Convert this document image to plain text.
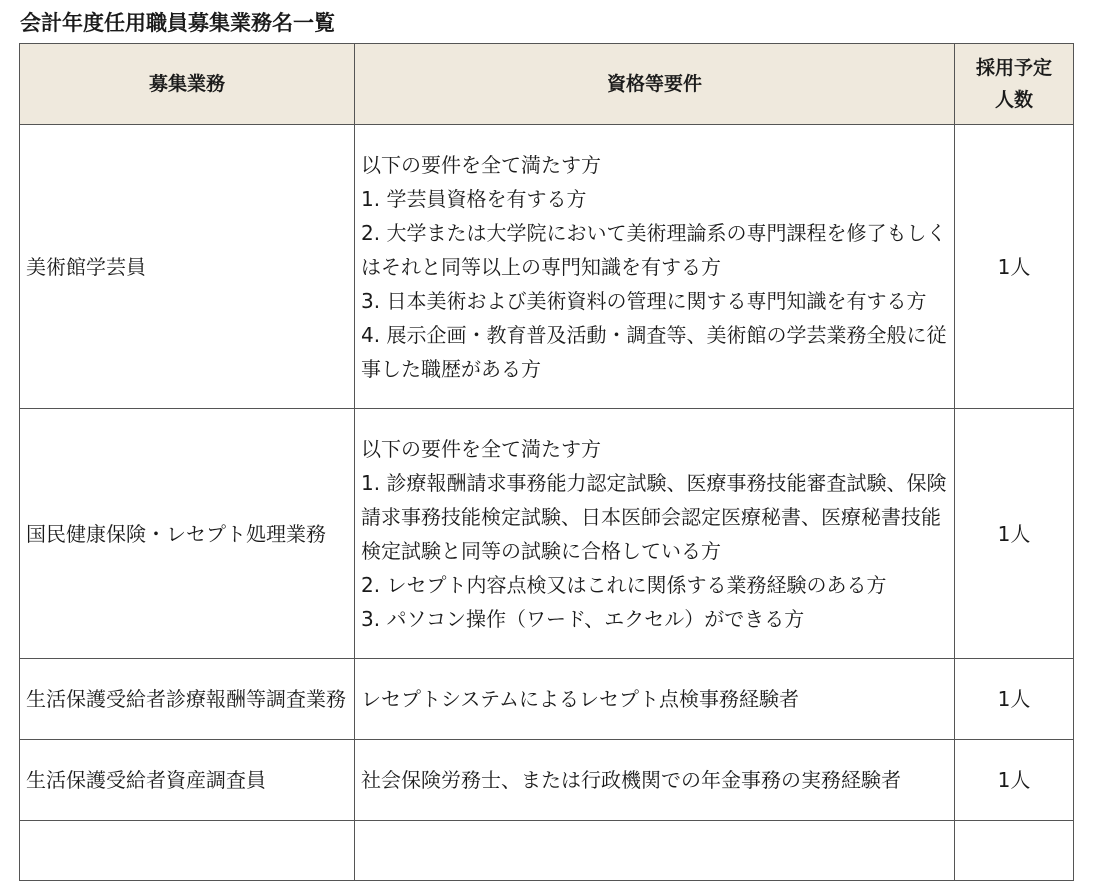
会計年度任用職員募集業務名一覧
募集業務	資格等要件	採用予定
人数

美術館学芸員	以下の要件を全て満たす方
1. 学芸員資格を有する方
2. 大学または大学院において美術理論系の専門課程を修了もしくはそれと同等以上の専門知識を有する方
3. 日本美術および美術資料の管理に関する専門知識を有する方
4. 展示企画・教育普及活動・調査等、美術館の学芸業務全般に従事した職歴がある方	1人
国民健康保険・レセプト処理業務	以下の要件を全て満たす方
1. 診療報酬請求事務能力認定試験、医療事務技能審査試験、保険請求事務技能検定試験、日本医師会認定医療秘書、医療秘書技能検定試験と同等の試験に合格している方
2. レセプト内容点検又はこれに関係する業務経験のある方
3. パソコン操作（ワード、エクセル）ができる方	1人
生活保護受給者診療報酬等調査業務	レセプトシステムによるレセプト点検事務経験者	1人
生活保護受給者資産調査員	社会保険労務士、または行政機関での年金事務の実務経験者	1人
